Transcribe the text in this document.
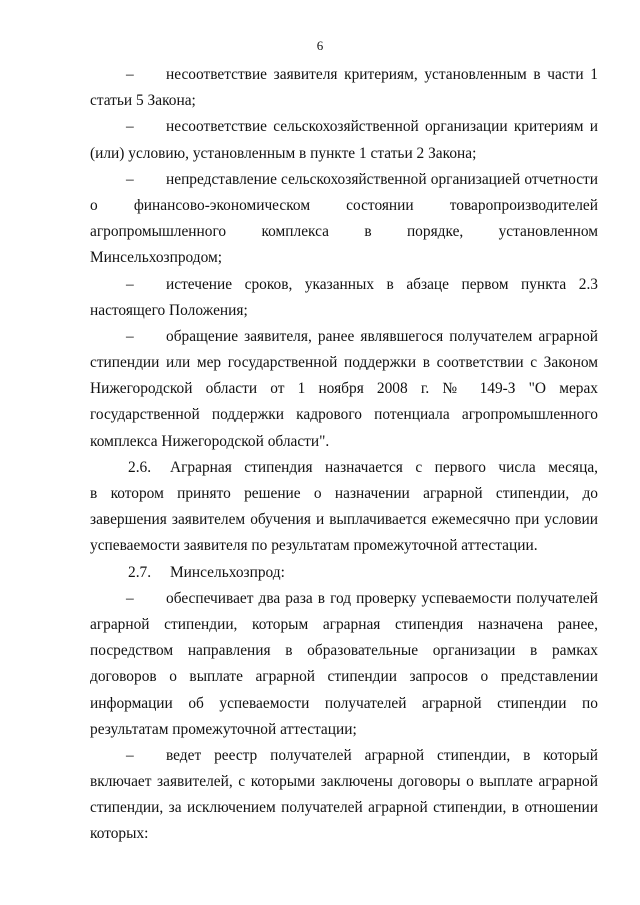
6
– несоответствие заявителя критериям, установленным в части 1
статьи 5 Закона;
– несоответствие сельскохозяйственной организации критериям и
(или) условию, установленным в пункте 1 статьи 2 Закона;
– непредставление сельскохозяйственной организацией отчетности
о финансово-экономическом состоянии товаропроизводителей
агропромышленного комплекса в порядке, установленном
Минсельхозпродом;
– истечение сроков, указанных в абзаце первом пункта 2.3
настоящего Положения;
– обращение заявителя, ранее являвшегося получателем аграрной
стипендии или мер государственной поддержки в соответствии с Законом
Нижегородской области от 1 ноября 2008 г. № 149-З "О мерах
государственной поддержки кадрового потенциала агропромышленного
комплекса Нижегородской области".
2.6. Аграрная стипендия назначается с первого числа месяца,
в котором принято решение о назначении аграрной стипендии, до
завершения заявителем обучения и выплачивается ежемесячно при условии
успеваемости заявителя по результатам промежуточной аттестации.
2.7. Минсельхозпрод:
– обеспечивает два раза в год проверку успеваемости получателей
аграрной стипендии, которым аграрная стипендия назначена ранее,
посредством направления в образовательные организации в рамках
договоров о выплате аграрной стипендии запросов о представлении
информации об успеваемости получателей аграрной стипендии по
результатам промежуточной аттестации;
– ведет реестр получателей аграрной стипендии, в который
включает заявителей, с которыми заключены договоры о выплате аграрной
стипендии, за исключением получателей аграрной стипендии, в отношении
которых:
